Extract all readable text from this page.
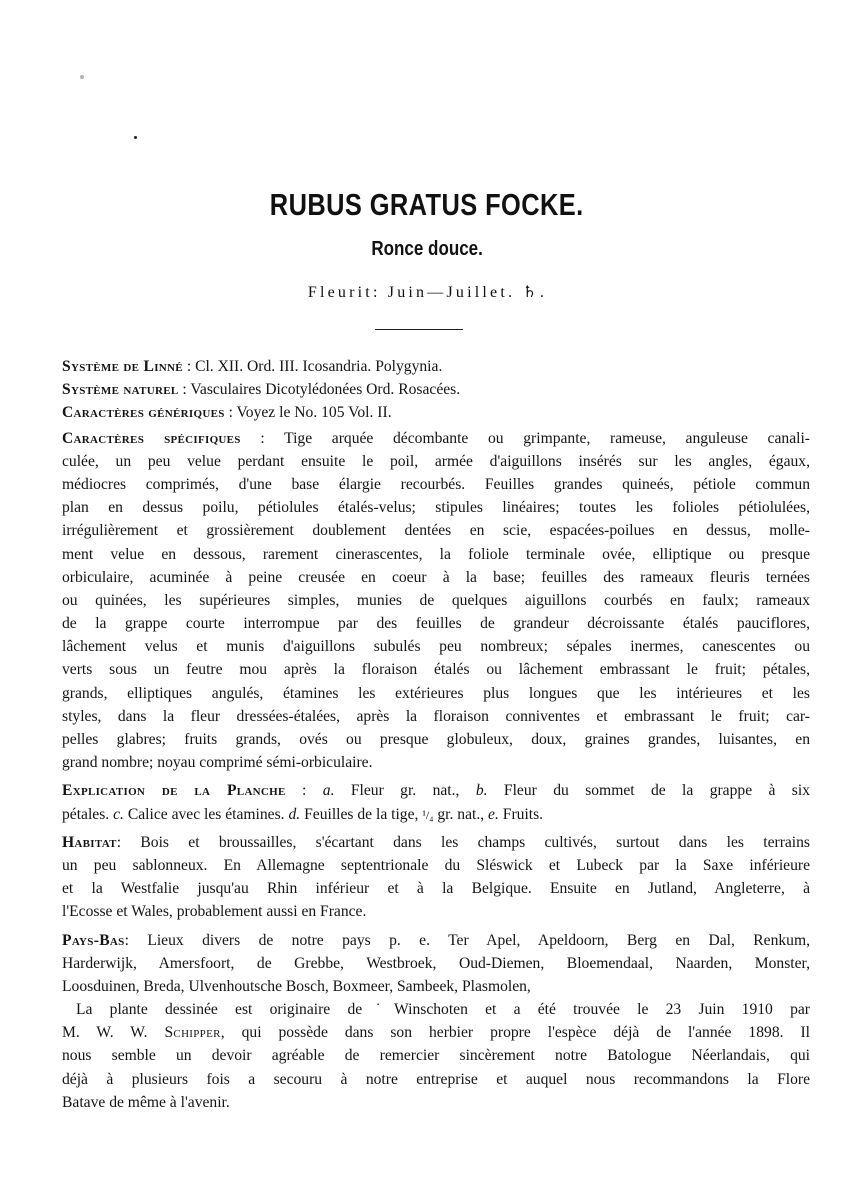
RUBUS GRATUS FOCKE.
Ronce douce.
Fleurit: Juin—Juillet. ♄.
Système de Linné : Cl. XII. Ord. III. Icosandria. Polygynia.
Système naturel : Vasculaires Dicotylédonées Ord. Rosacées.
Caractères génériques : Voyez le No. 105 Vol. II.
Caractères spécifiques : Tige arquée décombante ou grimpante, rameuse, anguleuse canali-
culée, un peu velue perdant ensuite le poil, armée d'aiguillons insérés sur les angles, égaux,
médiocres comprimés, d'une base élargie recourbés. Feuilles grandes quineés, pétiole commun
plan en dessus poilu, pétiolules étalés-velus; stipules linéaires; toutes les folioles pétiolulées,
irrégulièrement et grossièrement doublement dentées en scie, espacées-poilues en dessus, molle-
ment velue en dessous, rarement cinerascentes, la foliole terminale ovée, elliptique ou presque
orbiculaire, acuminée à peine creusée en coeur à la base; feuilles des rameaux fleuris ternées
ou quinées, les supérieures simples, munies de quelques aiguillons courbés en faulx; rameaux
de la grappe courte interrompue par des feuilles de grandeur décroissante étalés pauciflores,
lâchement velus et munis d'aiguillons subulés peu nombreux; sépales inermes, canescentes ou
verts sous un feutre mou après la floraison étalés ou lâchement embrassant le fruit; pétales,
grands, elliptiques angulés, étamines les extérieures plus longues que les intérieures et les
styles, dans la fleur dressées-étalées, après la floraison conniventes et embrassant le fruit; car-
pelles glabres; fruits grands, ovés ou presque globuleux, doux, graines grandes, luisantes, en
grand nombre; noyau comprimé sémi-orbiculaire.
Explication de la Planche : a. Fleur gr. nat., b. Fleur du sommet de la grappe à six
pétales. c. Calice avec les étamines. d. Feuilles de la tige, ¹/₄ gr. nat., e. Fruits.
Habitat: Bois et broussailles, s'écartant dans les champs cultivés, surtout dans les terrains
un peu sablonneux. En Allemagne septentrionale du Sléswick et Lubeck par la Saxe inférieure
et la Westfalie jusqu'au Rhin inférieur et à la Belgique. Ensuite en Jutland, Angleterre, à
l'Ecosse et Wales, probablement aussi en France.
Pays-Bas: Lieux divers de notre pays p. e. Ter Apel, Apeldoorn, Berg en Dal, Renkum,
Harderwijk, Amersfoort, de Grebbe, Westbroek, Oud-Diemen, Bloemendaal, Naarden, Monster,
Loosduinen, Breda, Ulvenhoutsche Bosch, Boxmeer, Sambeek, Plasmolen,
La plante dessinée est originaire de˙Winschoten et a été trouvée le 23 Juin 1910 par
M. W. W. Schipper, qui possède dans son herbier propre l'espèce déjà de l'année 1898. Il
nous semble un devoir agréable de remercier sincèrement notre Batologue Néerlandais, qui
déjà à plusieurs fois a secouru à notre entreprise et auquel nous recommandons la Flore
Batave de même à l'avenir.
